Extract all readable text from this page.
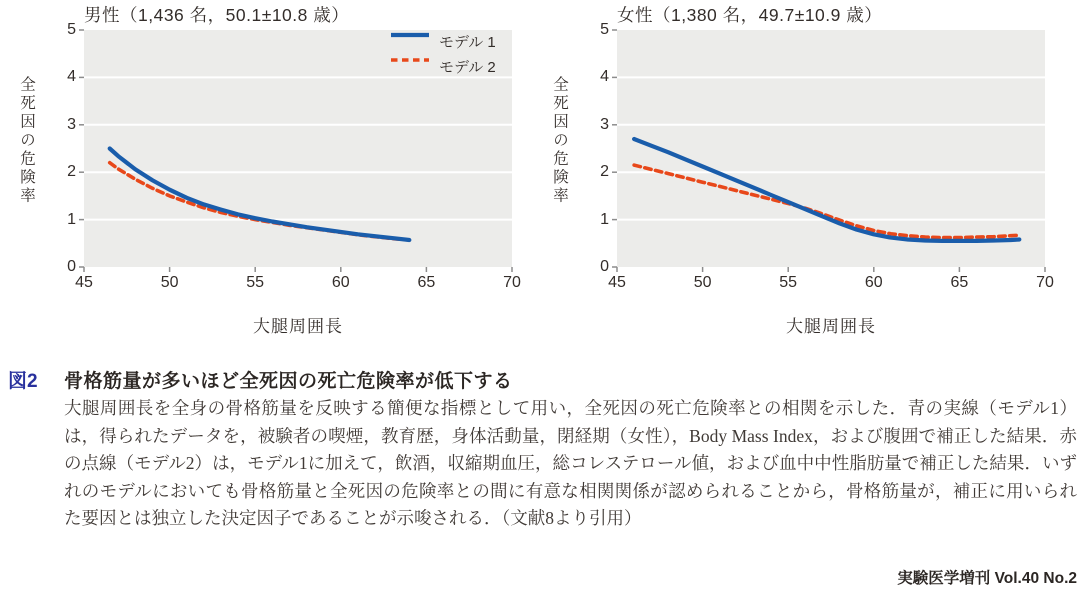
男性（1,436 名，50.1±10.8 歳）
全死因の危険率
0
1
2
3
4
5
45	50	55	60	65	70
大腿周囲長
モデル 1
モデル 2
女性（1,380 名，49.7±10.9 歳）
全死因の危険率
0
1
2
3
4
5
45	50	55	60	65	70
大腿周囲長
図2 骨格筋量が多いほど全死因の死亡危険率が低下する
大腿周囲長を全身の骨格筋量を反映する簡便な指標として用い，全死因の死亡危険率との相関を示した．青の実線（モデル1）は，得られたデータを，被験者の喫煙，教育歴，身体活動量，閉経期（女性），Body Mass Index，および腹囲で補正した結果．赤の点線（モデル2）は，モデル1に加えて，飲酒，収縮期血圧，総コレステロール値，および血中中性脂肪量で補正した結果．いずれのモデルにおいても骨格筋量と全死因の危険率との間に有意な相関関係が認められることから，骨格筋量が，補正に用いられた要因とは独立した決定因子であることが示唆される．（文献8より引用）
実験医学増刊 Vol.40 No.2
